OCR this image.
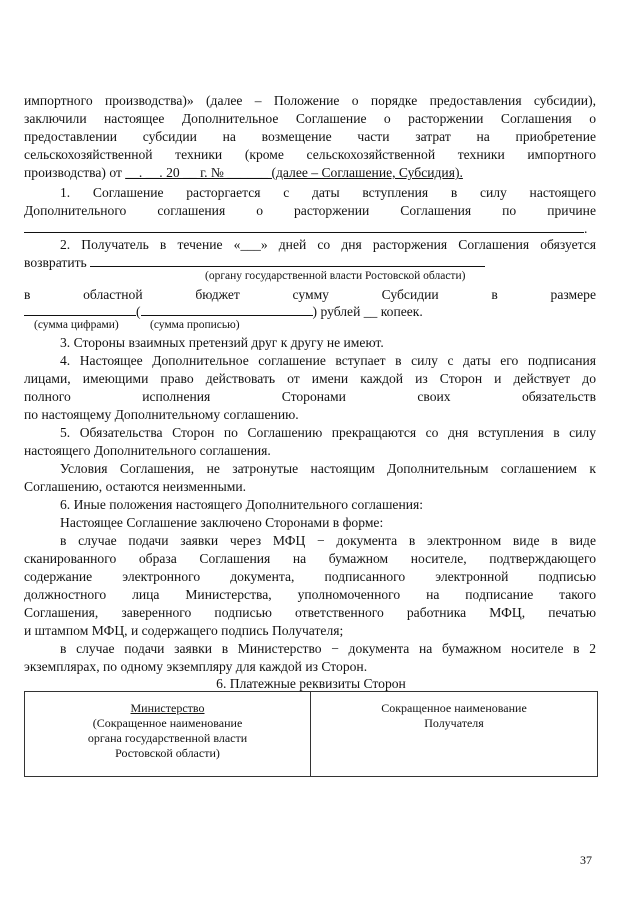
импортного производства)» (далее – Положение о порядке предоставления субсидии),
заключили настоящее Дополнительное Соглашение о расторжении Соглашения о
предоставлении субсидии на возмещение части затрат на приобретение
сельскохозяйственной техники (кроме сельскохозяйственной техники импортного
производства) от __. __. 20 __ г. № ______ (далее – Соглашение, Субсидия).
1. Соглашение расторгается с даты вступления в силу настоящего
Дополнительного соглашения о расторжении Соглашения по причине
.
2. Получатель в течение «___» дней со дня расторжения Соглашения обязуется
возвратить
(органу государственной власти Ростовской области)
в областной бюджет сумму Субсидии в размере
(	) рублей __ копеек.
(сумма цифрами)	(сумма прописью)
3. Стороны взаимных претензий друг к другу не имеют.
4. Настоящее Дополнительное соглашение вступает в силу с даты его подписания
лицами, имеющими право действовать от имени каждой из Сторон и действует до
полного исполнения Сторонами своих обязательств
по настоящему Дополнительному соглашению.
5. Обязательства Сторон по Соглашению прекращаются со дня вступления в силу
настоящего Дополнительного соглашения.
Условия Соглашения, не затронутые настоящим Дополнительным соглашением к
Соглашению, остаются неизменными.
6. Иные положения настоящего Дополнительного соглашения:
Настоящее Соглашение заключено Сторонами в форме:
в случае подачи заявки через МФЦ − документа в электронном виде в виде
сканированного образа Соглашения на бумажном носителе, подтверждающего
содержание электронного документа, подписанного электронной подписью
должностного лица Министерства, уполномоченного на подписание такого
Соглашения, заверенного подписью ответственного работника МФЦ, печатью
и штампом МФЦ, и содержащего подпись Получателя;
в случае подачи заявки в Министерство − документа на бумажном носителе в 2
экземплярах, по одному экземпляру для каждой из Сторон.
6. Платежные реквизиты Сторон
Министерство
(Сокращенное наименование
органа государственной власти
Ростовской области)
Сокращенное наименование
Получателя
37
